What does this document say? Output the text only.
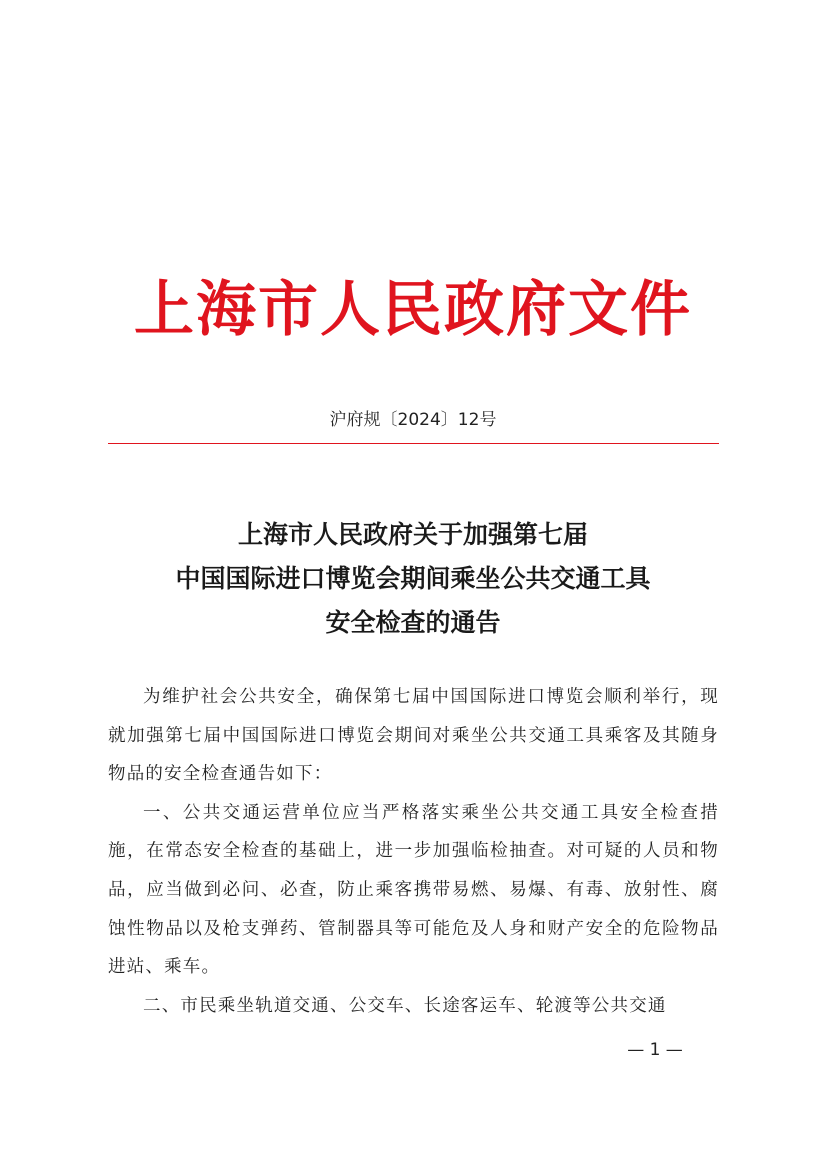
上海市人民政府文件
沪府规〔2024〕12号
上海市人民政府关于加强第七届
中国国际进口博览会期间乘坐公共交通工具
安全检查的通告

为维护社会公共安全，确保第七届中国国际进口博览会顺利举行，现就加强第七届中国国际进口博览会期间对乘坐公共交通工具乘客及其随身物品的安全检查通告如下：

一、公共交通运营单位应当严格落实乘坐公共交通工具安全检查措施，在常态安全检查的基础上，进一步加强临检抽查。对可疑的人员和物品，应当做到必问、必查，防止乘客携带易燃、易爆、有毒、放射性、腐蚀性物品以及枪支弹药、管制器具等可能危及人身和财产安全的危险物品进站、乘车。

二、市民乘坐轨道交通、公交车、长途客运车、轮渡等公共交通

— 1 —
